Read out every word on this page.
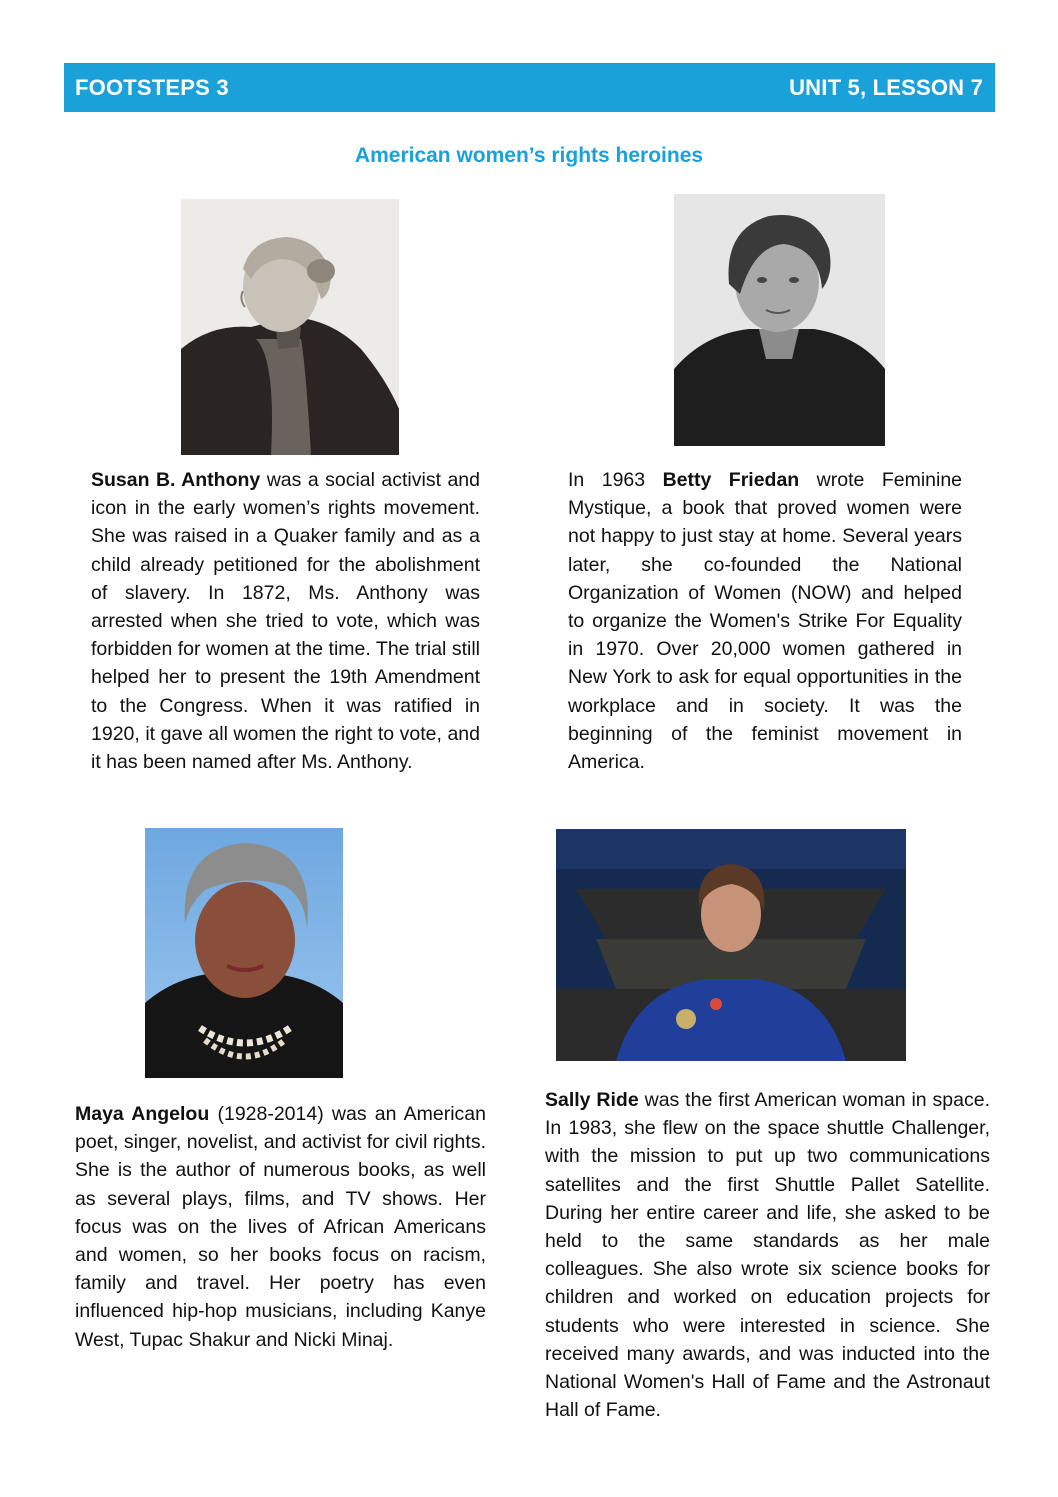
FOOTSTEPS 3	UNIT 5, LESSON 7
American women’s rights heroines

Susan B. Anthony was a social activist and icon in the early women’s rights movement. She was raised in a Quaker family and as a child already petitioned for the abolishment of slavery. In 1872, Ms. Anthony was arrested when she tried to vote, which was forbidden for women at the time. The trial still helped her to present the 19th Amendment to the Congress. When it was ratified in 1920, it gave all women the right to vote, and it has been named after Ms. Anthony.

In 1963 Betty Friedan wrote Feminine Mystique, a book that proved women were not happy to just stay at home. Several years later, she co-founded the National Organization of Women (NOW) and helped to organize the Women's Strike For Equality in 1970. Over 20,000 women gathered in New York to ask for equal opportunities in the workplace and in society. It was the beginning of the feminist movement in America.

Maya Angelou (1928-2014) was an American poet, singer, novelist, and activist for civil rights. She is the author of numerous books, as well as several plays, films, and TV shows. Her focus was on the lives of African Americans and women, so her books focus on racism, family and travel. Her poetry has even influenced hip-hop musicians, including Kanye West, Tupac Shakur and Nicki Minaj.

Sally Ride was the first American woman in space. In 1983, she flew on the space shuttle Challenger, with the mission to put up two communications satellites and the first Shuttle Pallet Satellite. During her entire career and life, she asked to be held to the same standards as her male colleagues. She also wrote six science books for children and worked on education projects for students who were interested in science. She received many awards, and was inducted into the National Women's Hall of Fame and the Astronaut Hall of Fame.
